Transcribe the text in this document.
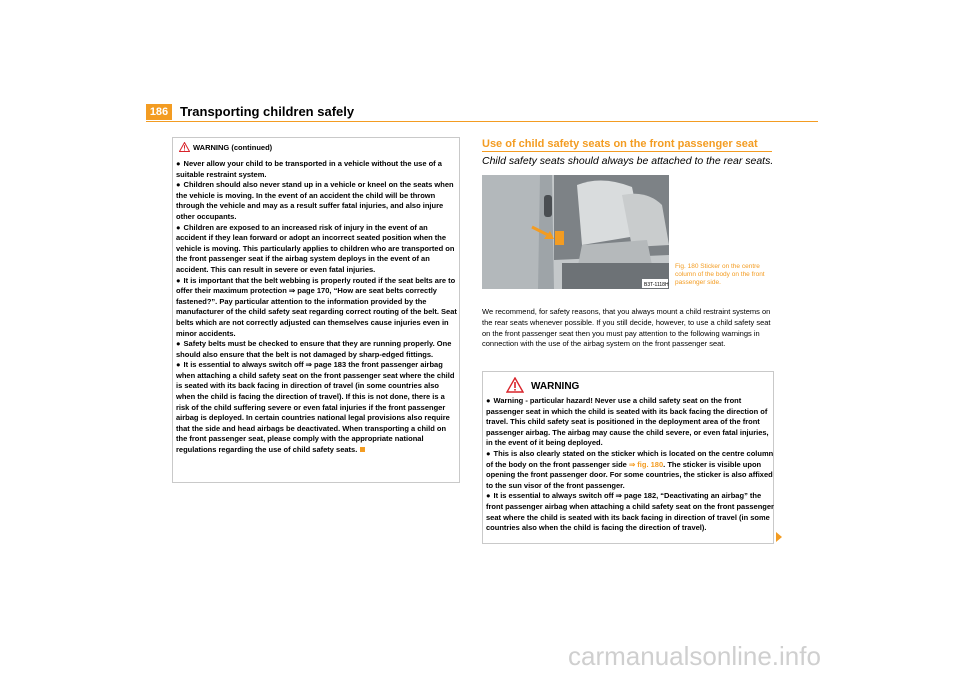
186 Transporting children safely
WARNING (continued)

● Never allow your child to be transported in a vehicle without the use of a suitable restraint system.

● Children should also never stand up in a vehicle or kneel on the seats when the vehicle is moving. In the event of an accident the child will be thrown through the vehicle and may as a result suffer fatal injuries, and also injure other occupants.

● Children are exposed to an increased risk of injury in the event of an accident if they lean forward or adopt an incorrect seated position when the vehicle is moving. This particularly applies to children who are transported on the front passenger seat if the airbag system deploys in the event of an accident. This can result in severe or even fatal injuries.

● It is important that the belt webbing is properly routed if the seat belts are to offer their maximum protection ⇒ page 170, “How are seat belts correctly fastened?”. Pay particular attention to the information provided by the manufacturer of the child safety seat regarding correct routing of the belt. Seat belts which are not correctly adjusted can themselves cause injuries even in minor accidents.

● Safety belts must be checked to ensure that they are running properly. One should also ensure that the belt is not damaged by sharp-edged fittings.

● It is essential to always switch off ⇒ page 183 the front passenger airbag when attaching a child safety seat on the front passenger seat where the child is seated with its back facing in direction of travel (in some countries also when the child is facing the direction of travel). If this is not done, there is a risk of the child suffering severe or even fatal injuries if the front passenger airbag is deployed. In certain countries national legal provisions also require that the side and head airbags be deactivated. When transporting a child on the front passenger seat, please comply with the appropriate national regulations regarding the use of child safety seats.

Use of child safety seats on the front passenger seat
Child safety seats should always be attached to the rear seats.
B3T-1118H
Fig. 180 Sticker on the centre column of the body on the front passenger side.
We recommend, for safety reasons, that you always mount a child restraint systems on the rear seats whenever possible. If you still decide, however, to use a child safety seat on the front passenger seat then you must pay attention to the following warnings in connection with the use of the airbag system on the front passenger seat.
WARNING

● Warning - particular hazard! Never use a child safety seat on the front passenger seat in which the child is seated with its back facing the direction of travel. This child safety seat is positioned in the deployment area of the front passenger airbag. The airbag may cause the child severe, or even fatal injuries, in the event of it being deployed.

● This is also clearly stated on the sticker which is located on the centre column of the body on the front passenger side ⇒ fig. 180. The sticker is visible upon opening the front passenger door. For some countries, the sticker is also affixed to the sun visor of the front passenger.

● It is essential to always switch off ⇒ page 182, “Deactivating an airbag” the front passenger airbag when attaching a child safety seat on the front passenger seat where the child is seated with its back facing in direction of travel (in some countries also when the child is facing the direction of travel).

carmanualsonline.info
